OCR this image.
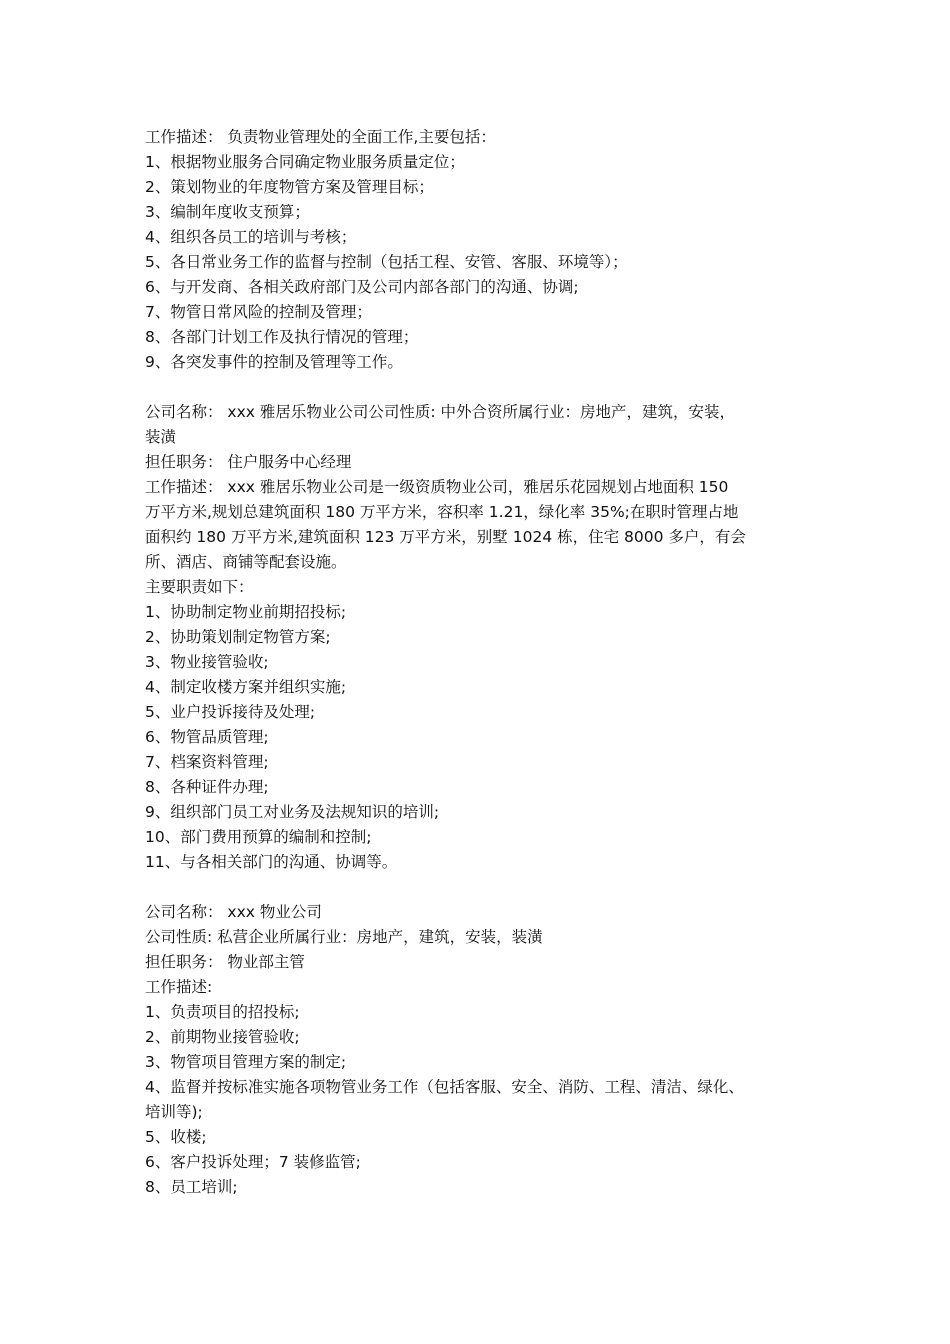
工作描述： 负责物业管理处的全面工作,主要包括：
1、根据物业服务合同确定物业服务质量定位；
2、策划物业的年度物管方案及管理目标；
3、编制年度收支预算；
4、组织各员工的培训与考核；
5、各日常业务工作的监督与控制（包括工程、安管、客服、环境等）；
6、与开发商、各相关政府部门及公司内部各部门的沟通、协调;
7、物管日常风险的控制及管理；
8、各部门计划工作及执行情况的管理；
9、各突发事件的控制及管理等工作。
公司名称： xxx 雅居乐物业公司公司性质: 中外合资所属行业：房地产，建筑，安装，
装潢
担任职务： 住户服务中心经理
工作描述： xxx 雅居乐物业公司是一级资质物业公司，雅居乐花园规划占地面积 150
万平方米,规划总建筑面积 180 万平方米，容积率 1.21，绿化率 35%;在职时管理占地
面积约 180 万平方米,建筑面积 123 万平方米，别墅 1024 栋，住宅 8000 多户，有会
所、酒店、商铺等配套设施。
主要职责如下：
1、协助制定物业前期招投标;
2、协助策划制定物管方案;
3、物业接管验收;
4、制定收楼方案并组织实施;
5、业户投诉接待及处理;
6、物管品质管理;
7、档案资料管理;
8、各种证件办理;
9、组织部门员工对业务及法规知识的培训;
10、部门费用预算的编制和控制;
11、与各相关部门的沟通、协调等。
公司名称： xxx 物业公司
公司性质: 私营企业所属行业：房地产，建筑，安装，装潢
担任职务： 物业部主管
工作描述:
1、负责项目的招投标;
2、前期物业接管验收;
3、物管项目管理方案的制定;
4、监督并按标准实施各项物管业务工作（包括客服、安全、消防、工程、清洁、绿化、
培训等);
5、收楼;
6、客户投诉处理；7 装修监管;
8、员工培训;
